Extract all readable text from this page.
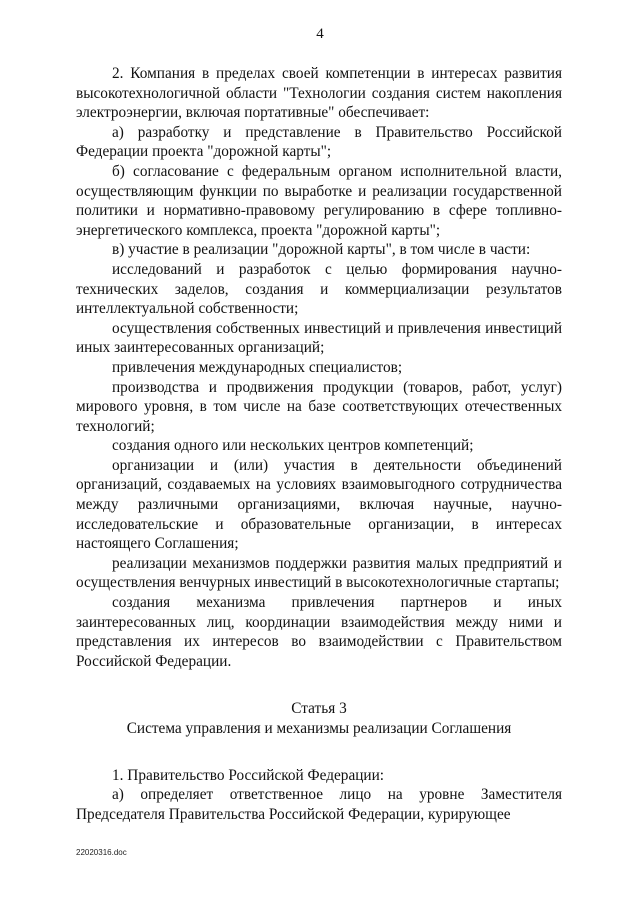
4

2. Компания в пределах своей компетенции в интересах развития высокотехнологичной области "Технологии создания систем накопления электроэнергии, включая портативные" обеспечивает:

а) разработку и представление в Правительство Российской Федерации проекта "дорожной карты";

б) согласование с федеральным органом исполнительной власти, осуществляющим функции по выработке и реализации государственной политики и нормативно-правовому регулированию в сфере топливно-энергетического комплекса, проекта "дорожной карты";

в) участие в реализации "дорожной карты", в том числе в части:

исследований и разработок с целью формирования научно-технических заделов, создания и коммерциализации результатов интеллектуальной собственности;

осуществления собственных инвестиций и привлечения инвестиций иных заинтересованных организаций;

привлечения международных специалистов;

производства и продвижения продукции (товаров, работ, услуг) мирового уровня, в том числе на базе соответствующих отечественных технологий;

создания одного или нескольких центров компетенций;

организации и (или) участия в деятельности объединений организаций, создаваемых на условиях взаимовыгодного сотрудничества между различными организациями, включая научные, научно-исследовательские и образовательные организации, в интересах настоящего Соглашения;

реализации механизмов поддержки развития малых предприятий и осуществления венчурных инвестиций в высокотехнологичные стартапы;

создания механизма привлечения партнеров и иных заинтересованных лиц, координации взаимодействия между ними и представления их интересов во взаимодействии с Правительством Российской Федерации.

Статья 3

Система управления и механизмы реализации Соглашения

1. Правительство Российской Федерации:

а) определяет ответственное лицо на уровне Заместителя Председателя Правительства Российской Федерации, курирующее

22020316.doc
